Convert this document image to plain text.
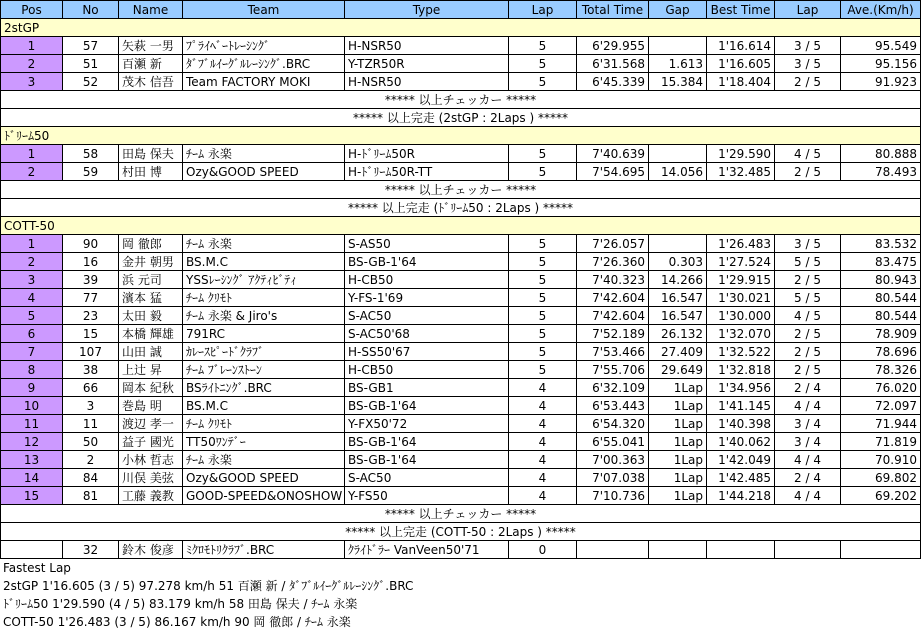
Pos	No	Name	Team	Type	Lap	Total Time	Gap	Best Time	Lap	Ave.(Km/h)
2stGP										
1	57	矢萩 一男	ﾌﾟﾗｲﾍﾞｰﾄﾚｰｼﾝｸﾞ	H-NSR50	5	6'29.955		1'16.614	3 / 5	95.549
2	51	百瀬 新	ﾀﾞﾌﾞﾙｲｰｸﾞﾙﾚｰｼﾝｸﾞ.BRC	Y-TZR50R	5	6'31.568	1.613	1'16.605	3 / 5	95.156
3	52	茂木 信吾	Team FACTORY MOKI	H-NSR50	5	6'45.339	15.384	1'18.404	2 / 5	91.923
***** 以上チェッカー *****										
***** 以上完走 (2stGP : 2Laps ) *****										
ﾄﾞﾘｰﾑ50										
1	58	田島 保夫	ﾁｰﾑ 永楽	H-ﾄﾞﾘｰﾑ50R	5	7'40.639		1'29.590	4 / 5	80.888
2	59	村田 博	Ozy&GOOD SPEED	H-ﾄﾞﾘｰﾑ50R-TT	5	7'54.695	14.056	1'32.485	2 / 5	78.493
***** 以上チェッカー *****										
***** 以上完走 (ﾄﾞﾘｰﾑ50 : 2Laps ) *****										
COTT-50										
1	90	岡 徹郎	ﾁｰﾑ 永楽	S-AS50	5	7'26.057		1'26.483	3 / 5	83.532
2	16	金井 朝男	BS.M.C	BS-GB-1'64	5	7'26.360	0.303	1'27.524	5 / 5	83.475
3	39	浜 元司	YSSﾚｰｼﾝｸﾞ ｱｸﾃｨﾋﾞﾃｨ	H-CB50	5	7'40.323	14.266	1'29.915	2 / 5	80.943
4	77	濱本 猛	ﾁｰﾑ ｸﾘﾓﾄ	Y-FS-1'69	5	7'42.604	16.547	1'30.021	5 / 5	80.544
5	23	太田 毅	ﾁｰﾑ 永楽 & Jiro's	S-AC50	5	7'42.604	16.547	1'30.000	4 / 5	80.544
6	15	本橋 輝雄	791RC	S-AC50'68	5	7'52.189	26.132	1'32.070	2 / 5	78.909
7	107	山田 誠	ｶﾚｰｽﾋﾟｰﾄﾞｸﾗﾌﾞ	H-SS50'67	5	7'53.466	27.409	1'32.522	2 / 5	78.696
8	38	上辻 昇	ﾁｰﾑ ﾌﾞﾚｰﾝｽﾄｰﾝ	H-CB50	5	7'55.706	29.649	1'32.818	2 / 5	78.326
9	66	岡本 紀秋	BSﾗｲﾄﾆﾝｸﾞ.BRC	BS-GB1	4	6'32.109	1Lap	1'34.956	2 / 4	76.020
10	3	巻島 明	BS.M.C	BS-GB-1'64	4	6'53.443	1Lap	1'41.145	4 / 4	72.097
11	11	渡辺 孝一	ﾁｰﾑ ｸﾘﾓﾄ	Y-FX50'72	4	6'54.320	1Lap	1'40.398	3 / 4	71.944
12	50	益子 國光	TT50ﾜﾝﾃﾞｰ	BS-GB-1'64	4	6'55.041	1Lap	1'40.062	3 / 4	71.819
13	2	小林 哲志	ﾁｰﾑ 永楽	BS-GB-1'64	4	7'00.363	1Lap	1'42.049	4 / 4	70.910
14	84	川俣 美弦	Ozy&GOOD SPEED	S-AC50	4	7'07.038	1Lap	1'42.485	2 / 4	69.802
15	81	工藤 義教	GOOD-SPEED&ONOSHOW	Y-FS50	4	7'10.736	1Lap	1'44.218	4 / 4	69.202
***** 以上チェッカー *****										
***** 以上完走 (COTT-50 : 2Laps ) *****										
	32	鈴木 俊彦	ﾐｸﾛﾓﾄﾘｸﾗﾌﾞ.BRC	ｸﾗｲﾄﾞﾗｰ VanVeen50'71	0					
Fastest Lap
2stGP 1'16.605 (3 / 5) 97.278 km/h 51 百瀬 新 / ﾀﾞﾌﾞﾙｲｰｸﾞﾙﾚｰｼﾝｸﾞ.BRC
ﾄﾞﾘｰﾑ50 1'29.590 (4 / 5) 83.179 km/h 58 田島 保夫 / ﾁｰﾑ 永楽
COTT-50 1'26.483 (3 / 5) 86.167 km/h 90 岡 徹郎 / ﾁｰﾑ 永楽
